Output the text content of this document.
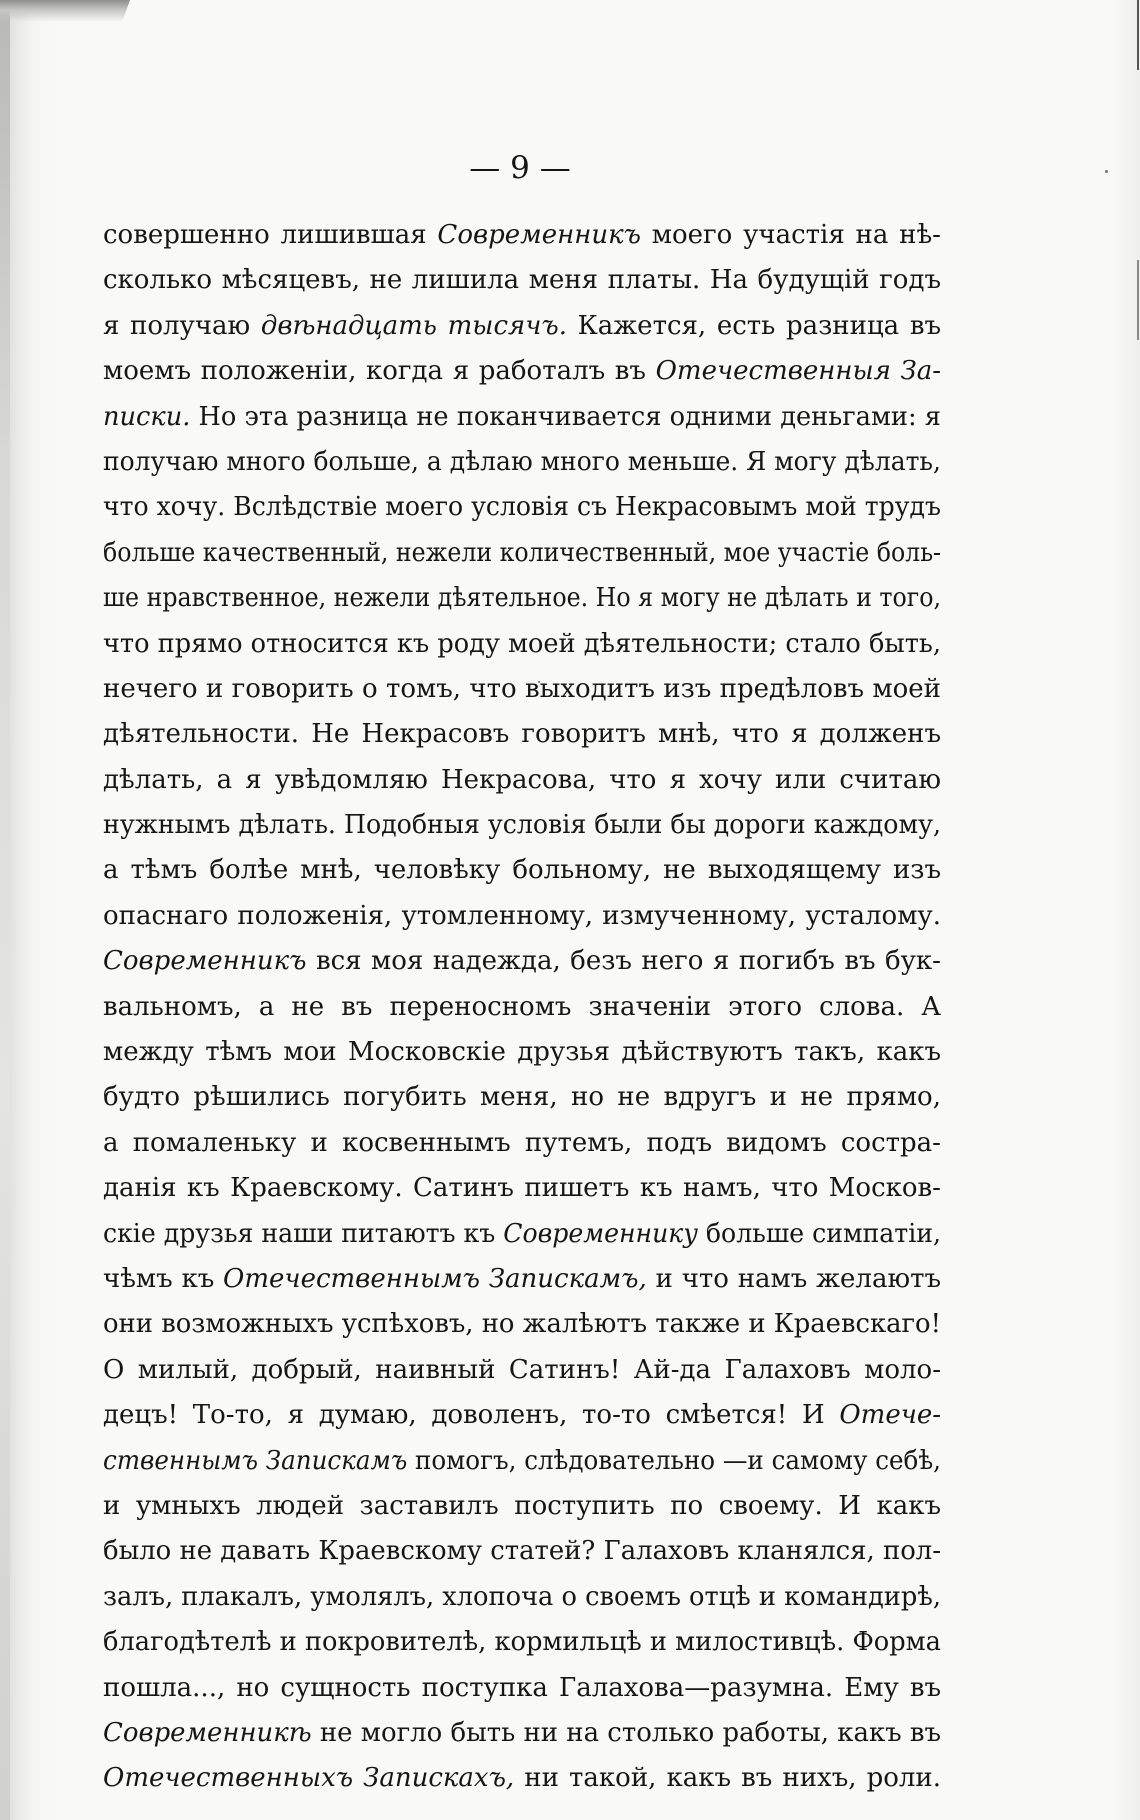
— 9 —
совершенно лишившая Современникъ моего участія на нѣ-
сколько мѣсяцевъ, не лишила меня платы. На будущій годъ
я получаю двѣнадцать тысячъ. Кажется, есть разница въ
моемъ положеніи, когда я работалъ въ Отечественныя За-
писки. Но эта разница не поканчивается одними деньгами: я
получаю много больше, а дѣлаю много меньше. Я могу дѣлать,
что хочу. Вслѣдствіе моего условія съ Некрасовымъ мой трудъ
больше качественный, нежели количественный, мое участіе боль-
ше нравственное, нежели дѣятельное. Но я могу не дѣлать и того,
что прямо относится къ роду моей дѣятельности; стало быть,
нечего и говорить о томъ, что выходитъ изъ предѣловъ моей
дѣятельности. Не Некрасовъ говоритъ мнѣ, что я долженъ
дѣлать, а я увѣдомляю Некрасова, что я хочу или считаю
нужнымъ дѣлать. Подобныя условія были бы дороги каждому,
а тѣмъ болѣе мнѣ, человѣку больному, не выходящему изъ
опаснаго положенія, утомленному, измученному, усталому.
Современникъ вся моя надежда, безъ него я погибъ въ бук-
вальномъ, а не въ переносномъ значеніи этого слова. А
между тѣмъ мои Московскіе друзья дѣйствуютъ такъ, какъ
будто рѣшились погубить меня, но не вдругъ и не прямо,
а помаленьку и косвеннымъ путемъ, подъ видомъ состра-
данія къ Краевскому. Сатинъ пишетъ къ намъ, что Москов-
скіе друзья наши питаютъ къ Современнику больше симпатіи,
чѣмъ къ Отечественнымъ Запискамъ, и что намъ желаютъ
они возможныхъ успѣховъ, но жалѣютъ также и Краевскаго!
О милый, добрый, наивный Сатинъ! Ай-да Галаховъ моло-
децъ! То-то, я думаю, доволенъ, то-то смѣется! И Отече-
ственнымъ Запискамъ помогъ, слѣдовательно —и самому себѣ,
и умныхъ людей заставилъ поступить по своему. И какъ
было не давать Краевскому статей? Галаховъ кланялся, пол-
залъ, плакалъ, умолялъ, хлопоча о своемъ отцѣ и командирѣ,
благодѣтелѣ и покровителѣ, кормильцѣ и милостивцѣ. Форма
пошла..., но сущность поступка Галахова—разумна. Ему въ
Современникѣ не могло быть ни на столько работы, какъ въ
Отечественныхъ Запискахъ, ни такой, какъ въ нихъ, роли.
